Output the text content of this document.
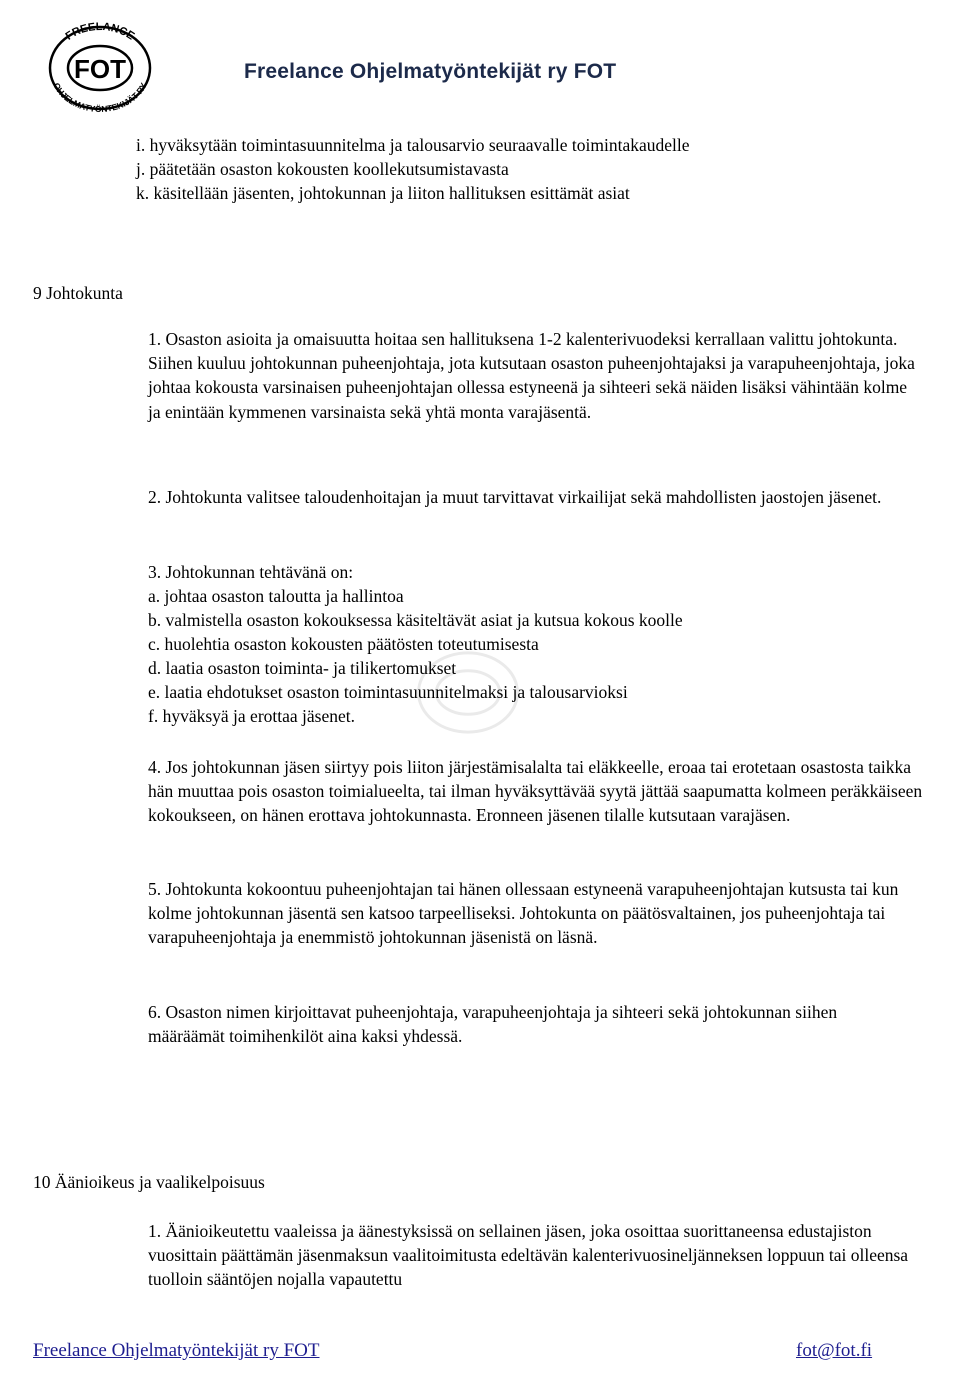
FREELANCE
FOT
OHJELMATYÖNTEKIJÄT RY
Freelance Ohjelmatyöntekijät ry FOT
i. hyväksytään toimintasuunnitelma ja talousarvio seuraavalle toimintakaudelle
j. päätetään osaston kokousten koollekutsumistavasta
k. käsitellään jäsenten, johtokunnan ja liiton hallituksen esittämät asiat
9 Johtokunta
1. Osaston asioita ja omaisuutta hoitaa sen hallituksena 1-2 kalenterivuodeksi kerrallaan valittu johtokunta. Siihen kuuluu johtokunnan puheenjohtaja, jota kutsutaan osaston puheenjohtajaksi ja varapuheenjohtaja, joka johtaa kokousta varsinaisen puheenjohtajan ollessa estyneenä ja sihteeri sekä näiden lisäksi vähintään kolme ja enintään kymmenen varsinaista sekä yhtä monta varajäsentä.
2. Johtokunta valitsee taloudenhoitajan ja muut tarvittavat virkailijat sekä mahdollisten jaostojen jäsenet.
3. Johtokunnan tehtävänä on:
a. johtaa osaston taloutta ja hallintoa
b. valmistella osaston kokouksessa käsiteltävät asiat ja kutsua kokous koolle
c. huolehtia osaston kokousten päätösten toteutumisesta
d. laatia osaston toiminta- ja tilikertomukset
e. laatia ehdotukset osaston toimintasuunnitelmaksi ja talousarvioksi
f. hyväksyä ja erottaa jäsenet.
4. Jos johtokunnan jäsen siirtyy pois liiton järjestämisalalta tai eläkkeelle, eroaa tai erotetaan osastosta taikka hän muuttaa pois osaston toimialueelta, tai ilman hyväksyttävää syytä jättää saapumatta kolmeen peräkkäiseen kokoukseen, on hänen erottava johtokunnasta. Eronneen jäsenen tilalle kutsutaan varajäsen.
5. Johtokunta kokoontuu puheenjohtajan tai hänen ollessaan estyneenä varapuheenjohtajan kutsusta tai kun kolme johtokunnan jäsentä sen katsoo tarpeelliseksi. Johtokunta on päätösvaltainen, jos puheenjohtaja tai varapuheenjohtaja ja enemmistö johtokunnan jäsenistä on läsnä.
6. Osaston nimen kirjoittavat puheenjohtaja, varapuheenjohtaja ja sihteeri sekä johtokunnan siihen määräämät toimihenkilöt aina kaksi yhdessä.
10 Äänioikeus ja vaalikelpoisuus
1. Äänioikeutettu vaaleissa ja äänestyksissä on sellainen jäsen, joka osoittaa suorittaneensa edustajiston vuosittain päättämän jäsenmaksun vaalitoimitusta edeltävän kalenterivuosineljänneksen loppuun tai olleensa tuolloin sääntöjen nojalla vapautettu
Freelance Ohjelmatyöntekijät ry FOT	fot@fot.fi
